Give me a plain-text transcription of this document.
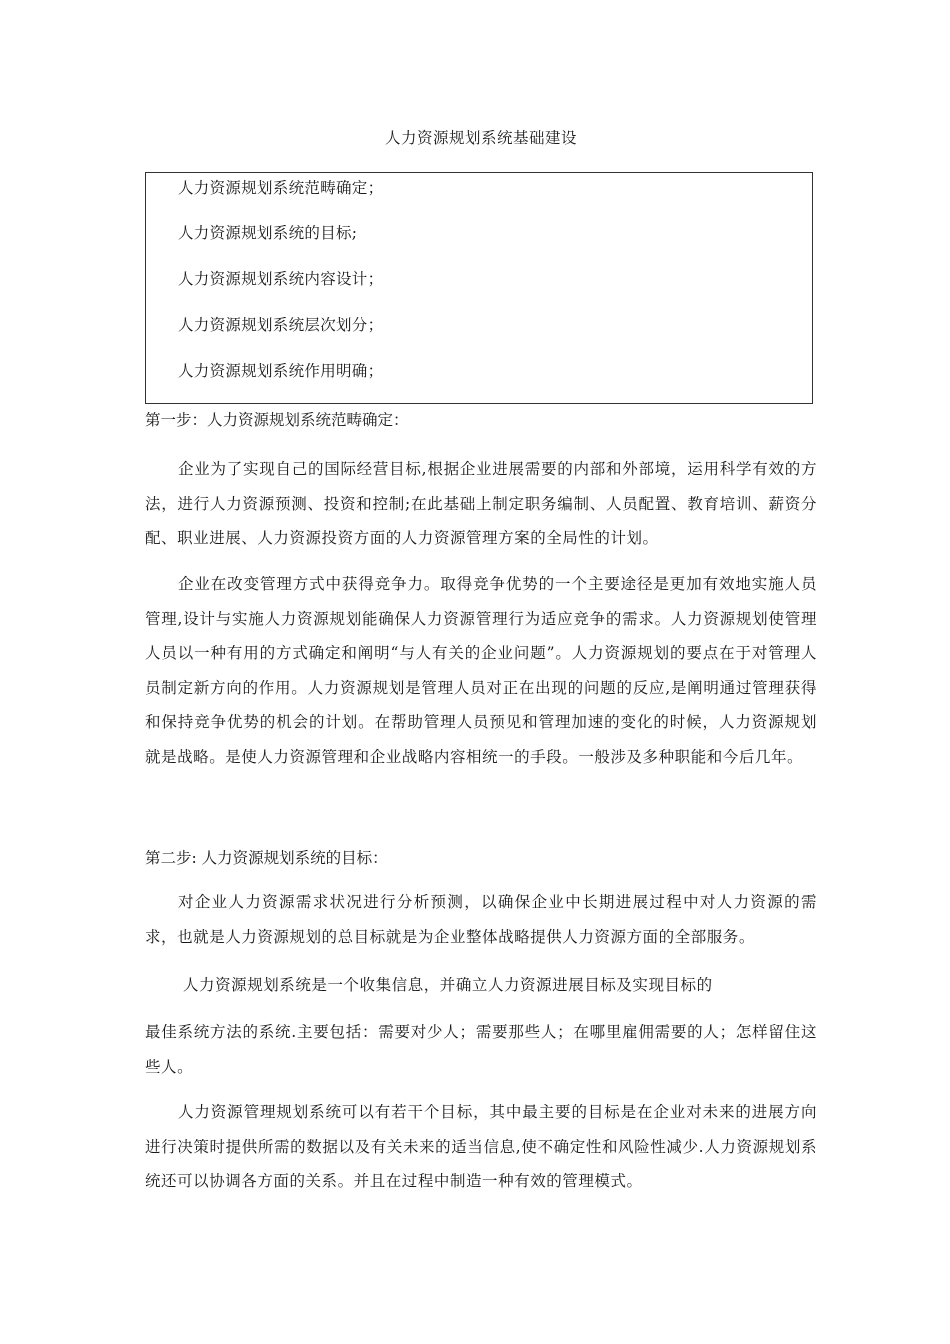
人力资源规划系统基础建设
人力资源规划系统范畴确定；
人力资源规划系统的目标;
人力资源规划系统内容设计；
人力资源规划系统层次划分；
人力资源规划系统作用明确；
第一步：人力资源规划系统范畴确定：
企业为了实现自己的国际经营目标,根据企业进展需要的内部和外部境，运用科学有效的方法，进行人力资源预测、投资和控制;在此基础上制定职务编制、人员配置、教育培训、薪资分配、职业进展、人力资源投资方面的人力资源管理方案的全局性的计划。
企业在改变管理方式中获得竞争力。取得竞争优势的一个主要途径是更加有效地实施人员管理,设计与实施人力资源规划能确保人力资源管理行为适应竞争的需求。人力资源规划使管理人员以一种有用的方式确定和阐明“与人有关的企业问题”。人力资源规划的要点在于对管理人员制定新方向的作用。人力资源规划是管理人员对正在出现的问题的反应,是阐明通过管理获得和保持竞争优势的机会的计划。在帮助管理人员预见和管理加速的变化的时候，人力资源规划就是战略。是使人力资源管理和企业战略内容相统一的手段。一般涉及多种职能和今后几年。
第二步: 人力资源规划系统的目标：
对企业人力资源需求状况进行分析预测，以确保企业中长期进展过程中对人力资源的需求，也就是人力资源规划的总目标就是为企业整体战略提供人力资源方面的全部服务。
人力资源规划系统是一个收集信息，并确立人力资源进展目标及实现目标的
最佳系统方法的系统.主要包括：需要对少人；需要那些人；在哪里雇佣需要的人；怎样留住这些人。
人力资源管理规划系统可以有若干个目标，其中最主要的目标是在企业对未来的进展方向进行决策时提供所需的数据以及有关未来的适当信息,使不确定性和风险性减少.人力资源规划系统还可以协调各方面的关系。并且在过程中制造一种有效的管理模式。
